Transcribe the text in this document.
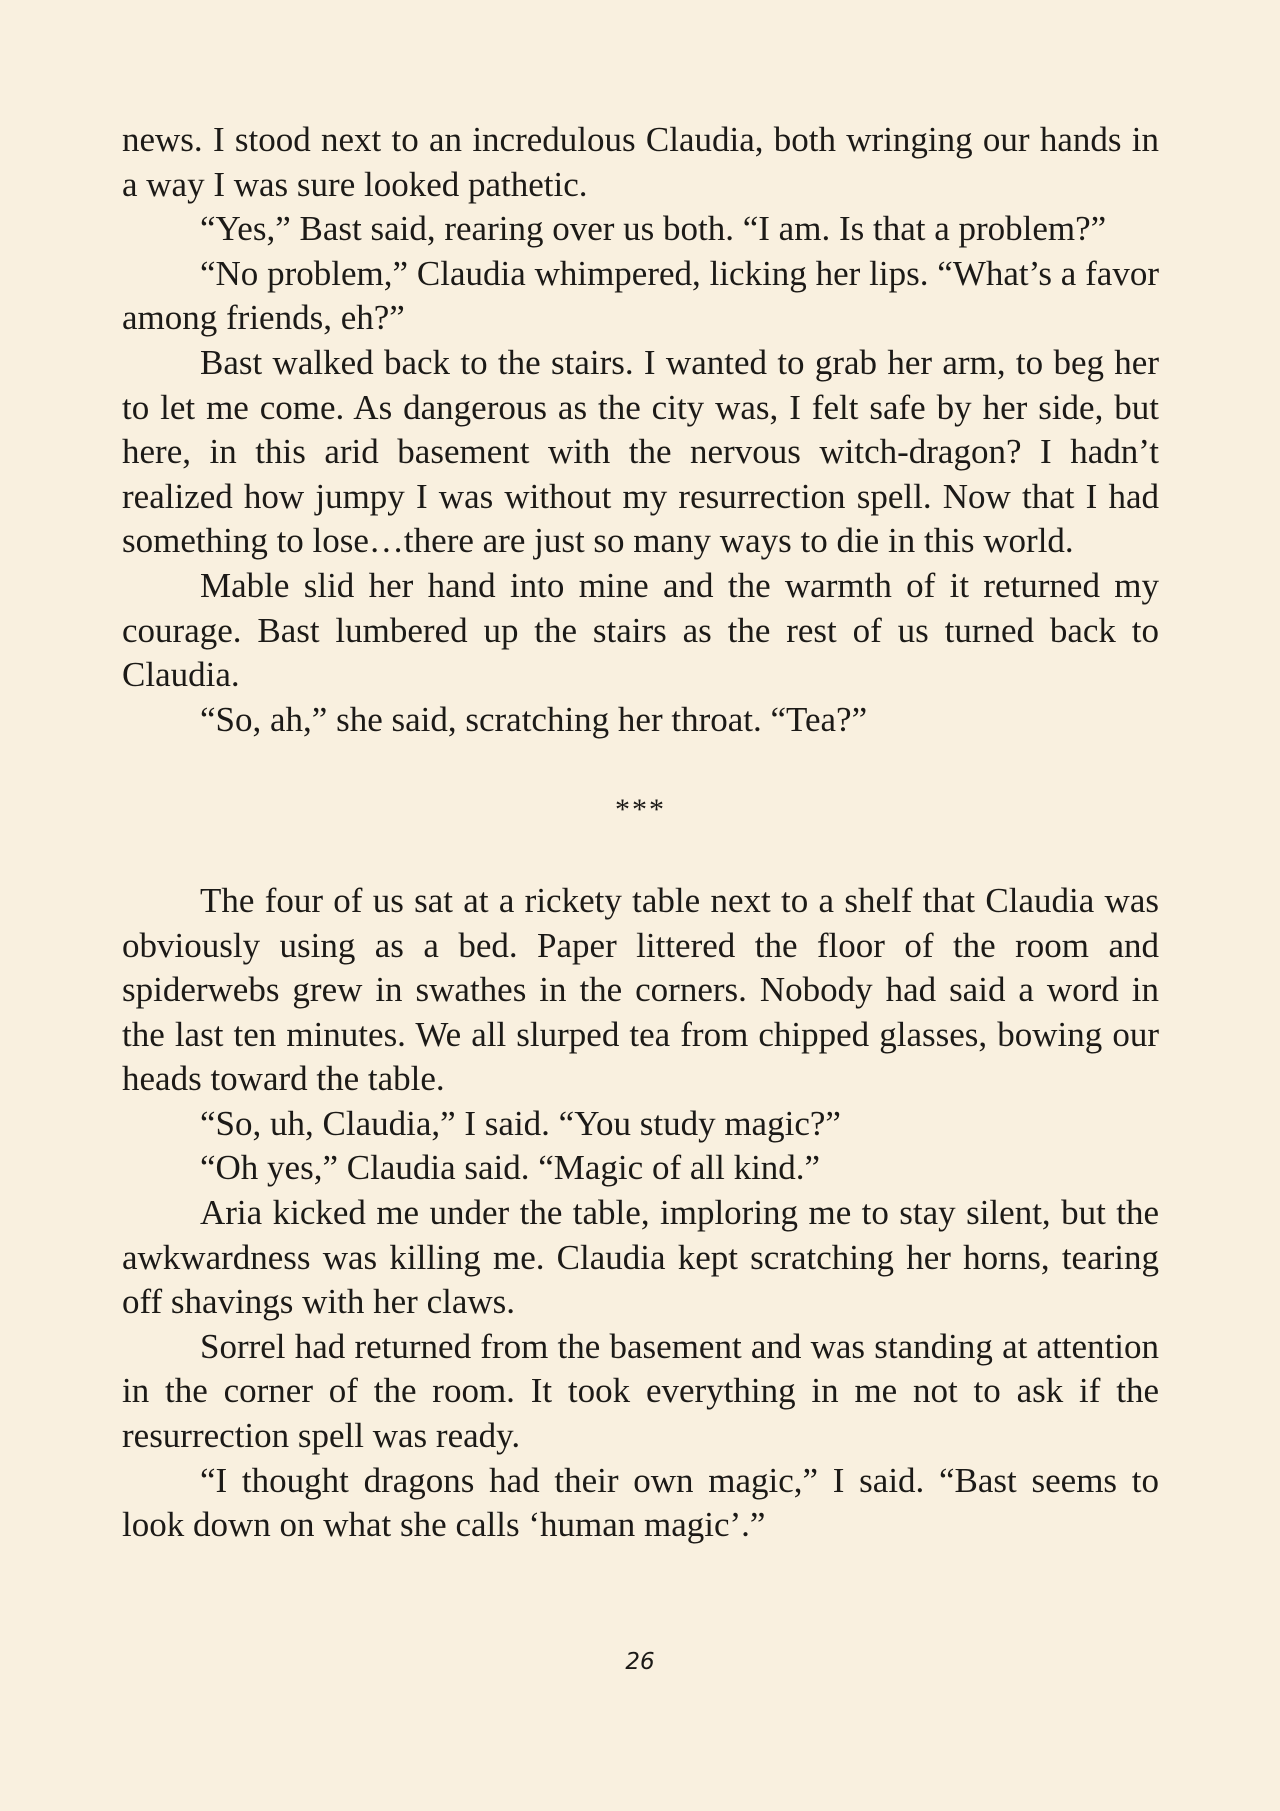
news. I stood next to an incredulous Claudia, both wringing our hands in a way I was sure looked pathetic.

“Yes,” Bast said, rearing over us both. “I am. Is that a problem?”

“No problem,” Claudia whimpered, licking her lips. “What’s a favor among friends, eh?”

Bast walked back to the stairs. I wanted to grab her arm, to beg her to let me come. As dangerous as the city was, I felt safe by her side, but here, in this arid basement with the nervous witch-dragon? I hadn’t realized how jumpy I was without my resurrection spell. Now that I had something to lose…there are just so many ways to die in this world.

Mable slid her hand into mine and the warmth of it returned my courage. Bast lumbered up the stairs as the rest of us turned back to Claudia.

“So, ah,” she said, scratching her throat. “Tea?”

***

The four of us sat at a rickety table next to a shelf that Claudia was obviously using as a bed. Paper littered the floor of the room and spiderwebs grew in swathes in the corners. Nobody had said a word in the last ten minutes. We all slurped tea from chipped glasses, bowing our heads toward the table.

“So, uh, Claudia,” I said. “You study magic?”

“Oh yes,” Claudia said. “Magic of all kind.”

Aria kicked me under the table, imploring me to stay silent, but the awkwardness was killing me. Claudia kept scratching her horns, tearing off shavings with her claws.

Sorrel had returned from the basement and was standing at attention in the corner of the room. It took everything in me not to ask if the resurrection spell was ready.

“I thought dragons had their own magic,” I said. “Bast seems to look down on what she calls ‘human magic’.”

26
